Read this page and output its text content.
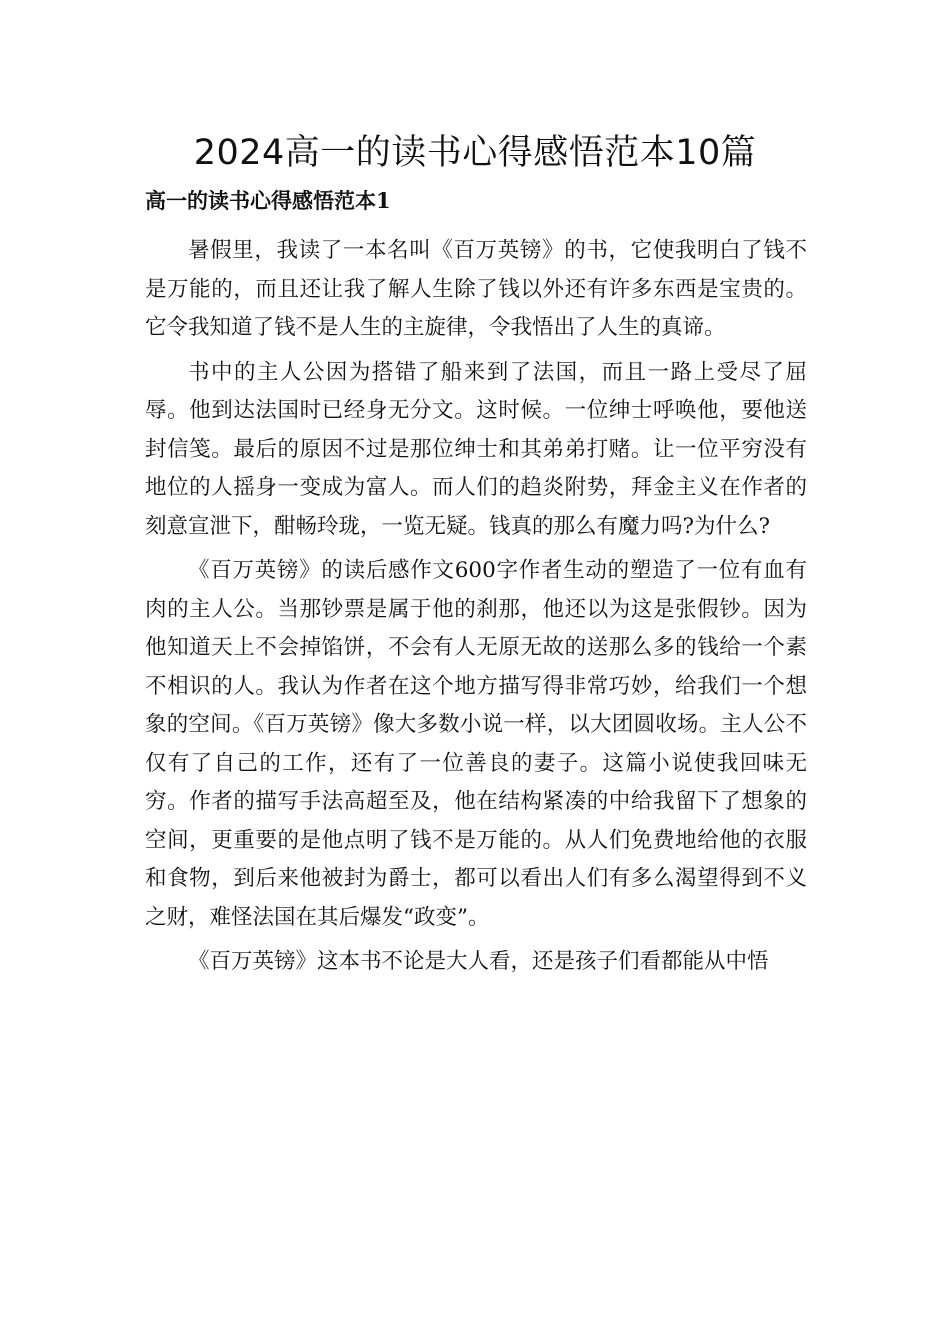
2024高一的读书心得感悟范本10篇
高一的读书心得感悟范本1

暑假里，我读了一本名叫《百万英镑》的书，它使我明白了钱不是万能的，而且还让我了解人生除了钱以外还有许多东西是宝贵的。它令我知道了钱不是人生的主旋律，令我悟出了人生的真谛。

书中的主人公因为搭错了船来到了法国，而且一路上受尽了屈辱。他到达法国时已经身无分文。这时候。一位绅士呼唤他，要他送封信笺。最后的原因不过是那位绅士和其弟弟打赌。让一位平穷没有地位的人摇身一变成为富人。而人们的趋炎附势，拜金主义在作者的刻意宣泄下，酣畅玲珑，一览无疑。钱真的那么有魔力吗?为什么?

《百万英镑》的读后感作文600字作者生动的塑造了一位有血有肉的主人公。当那钞票是属于他的刹那，他还以为这是张假钞。因为他知道天上不会掉馅饼，不会有人无原无故的送那么多的钱给一个素不相识的人。我认为作者在这个地方描写得非常巧妙，给我们一个想象的空间。《百万英镑》像大多数小说一样，以大团圆收场。主人公不仅有了自己的工作，还有了一位善良的妻子。这篇小说使我回味无穷。作者的描写手法高超至及，他在结构紧凑的中给我留下了想象的空间，更重要的是他点明了钱不是万能的。从人们免费地给他的衣服和食物，到后来他被封为爵士，都可以看出人们有多么渴望得到不义之财，难怪法国在其后爆发“政变”。

《百万英镑》这本书不论是大人看，还是孩子们看都能从中悟
